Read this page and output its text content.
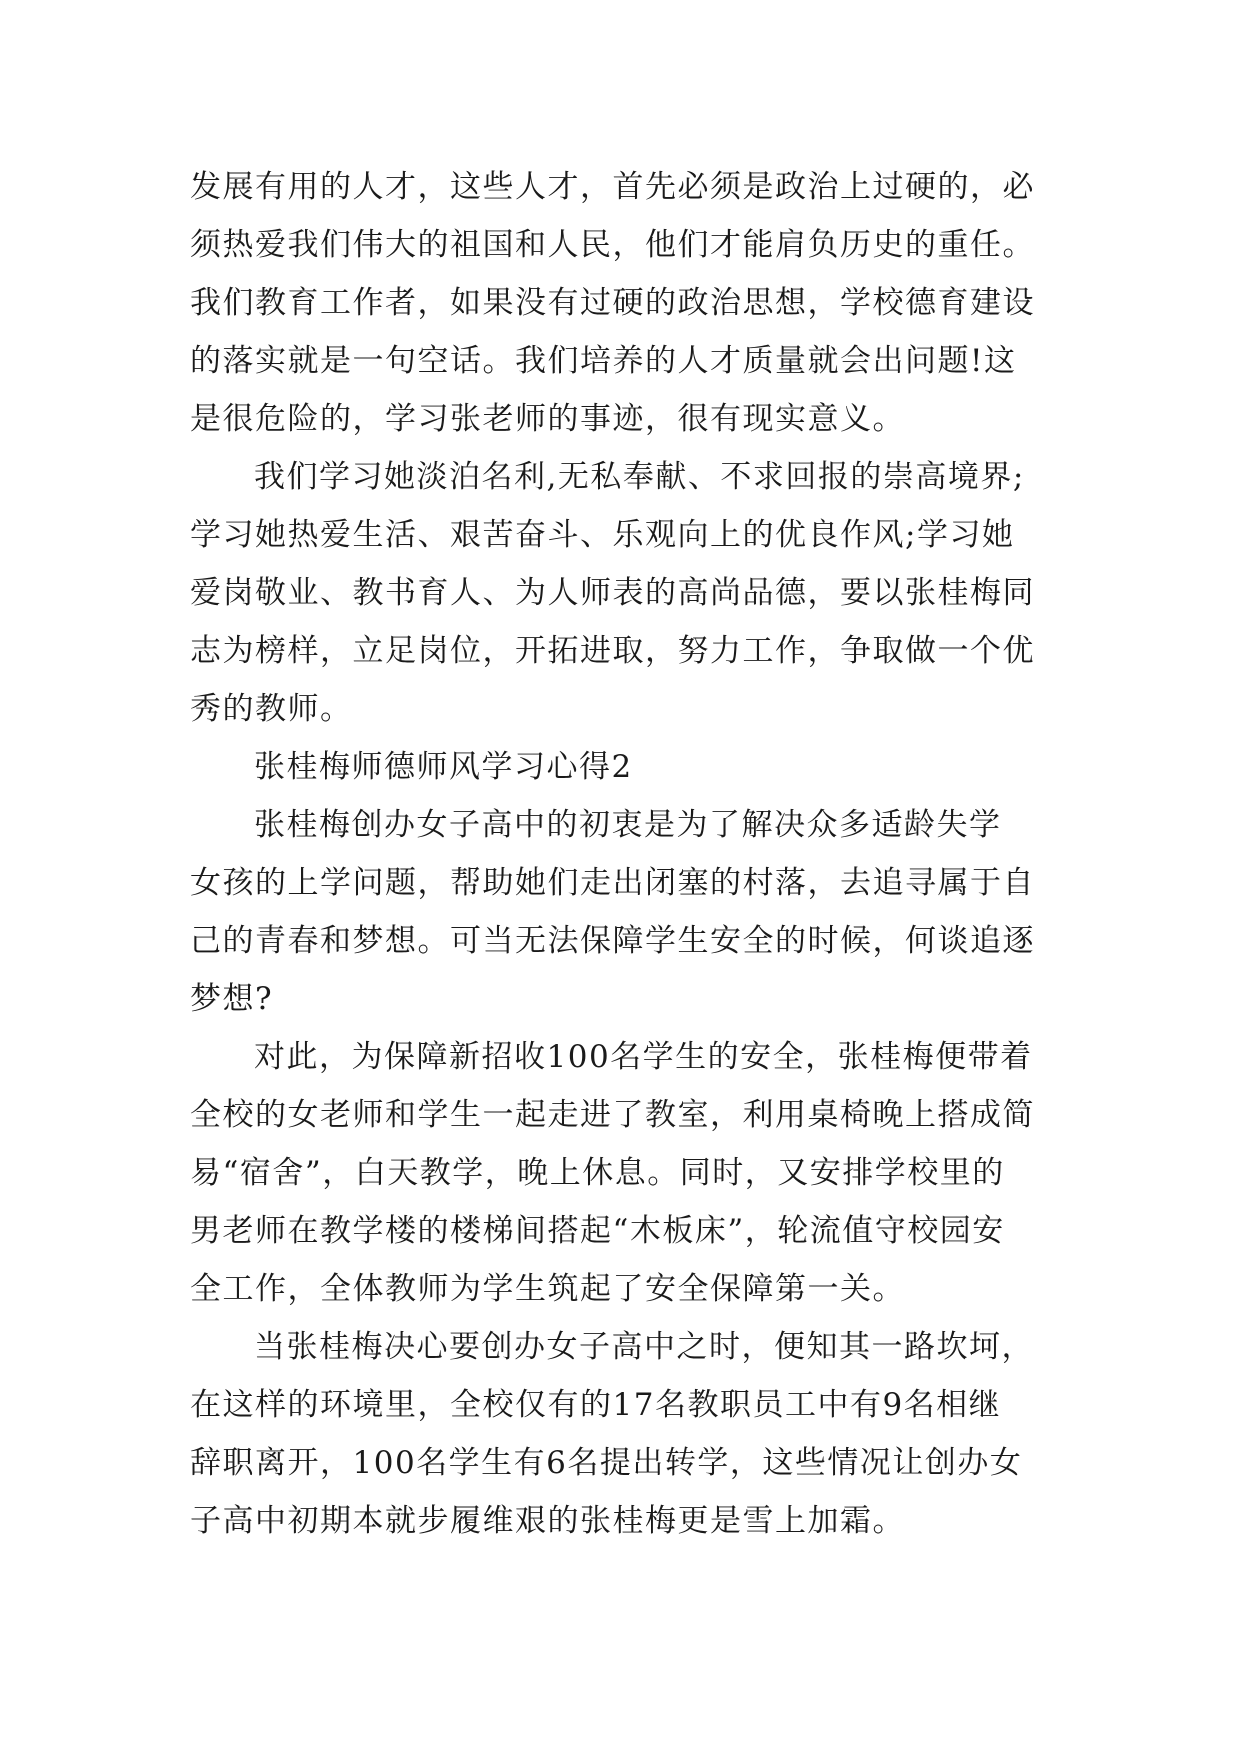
发展有用的人才，这些人才，首先必须是政治上过硬的，必
须热爱我们伟大的祖国和人民，他们才能肩负历史的重任。
我们教育工作者，如果没有过硬的政治思想，学校德育建设
的落实就是一句空话。我们培养的人才质量就会出问题!这
是很危险的，学习张老师的事迹，很有现实意义。
我们学习她淡泊名利,无私奉献、不求回报的崇高境界;
学习她热爱生活、艰苦奋斗、乐观向上的优良作风;学习她
爱岗敬业、教书育人、为人师表的高尚品德，要以张桂梅同
志为榜样，立足岗位，开拓进取，努力工作，争取做一个优
秀的教师。
张桂梅师德师风学习心得2
张桂梅创办女子高中的初衷是为了解决众多适龄失学
女孩的上学问题，帮助她们走出闭塞的村落，去追寻属于自
己的青春和梦想。可当无法保障学生安全的时候，何谈追逐
梦想?
对此，为保障新招收100名学生的安全，张桂梅便带着
全校的女老师和学生一起走进了教室，利用桌椅晚上搭成简
易“宿舍”，白天教学，晚上休息。同时，又安排学校里的
男老师在教学楼的楼梯间搭起“木板床”，轮流值守校园安
全工作，全体教师为学生筑起了安全保障第一关。
当张桂梅决心要创办女子高中之时，便知其一路坎坷，
在这样的环境里，全校仅有的17名教职员工中有9名相继
辞职离开，100名学生有6名提出转学，这些情况让创办女
子高中初期本就步履维艰的张桂梅更是雪上加霜。
